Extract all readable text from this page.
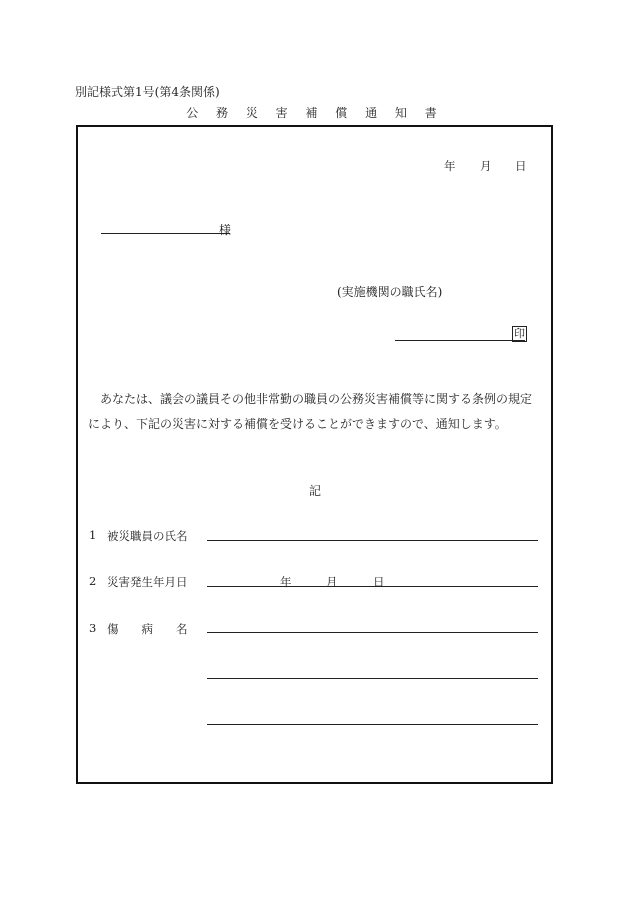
別記様式第1号(第4条関係)
公 務 災 害 補 償 通 知 書
年 月 日
様
(実施機関の職氏名)
印
あなたは、議会の議員その他非常勤の職員の公務災害補償等に関する条例の規定により、下記の災害に対する補償を受けることができますので、通知します。
記
1 被災職員の氏名
2 災害発生年月日	年	月	日
3 傷　　病　　名
